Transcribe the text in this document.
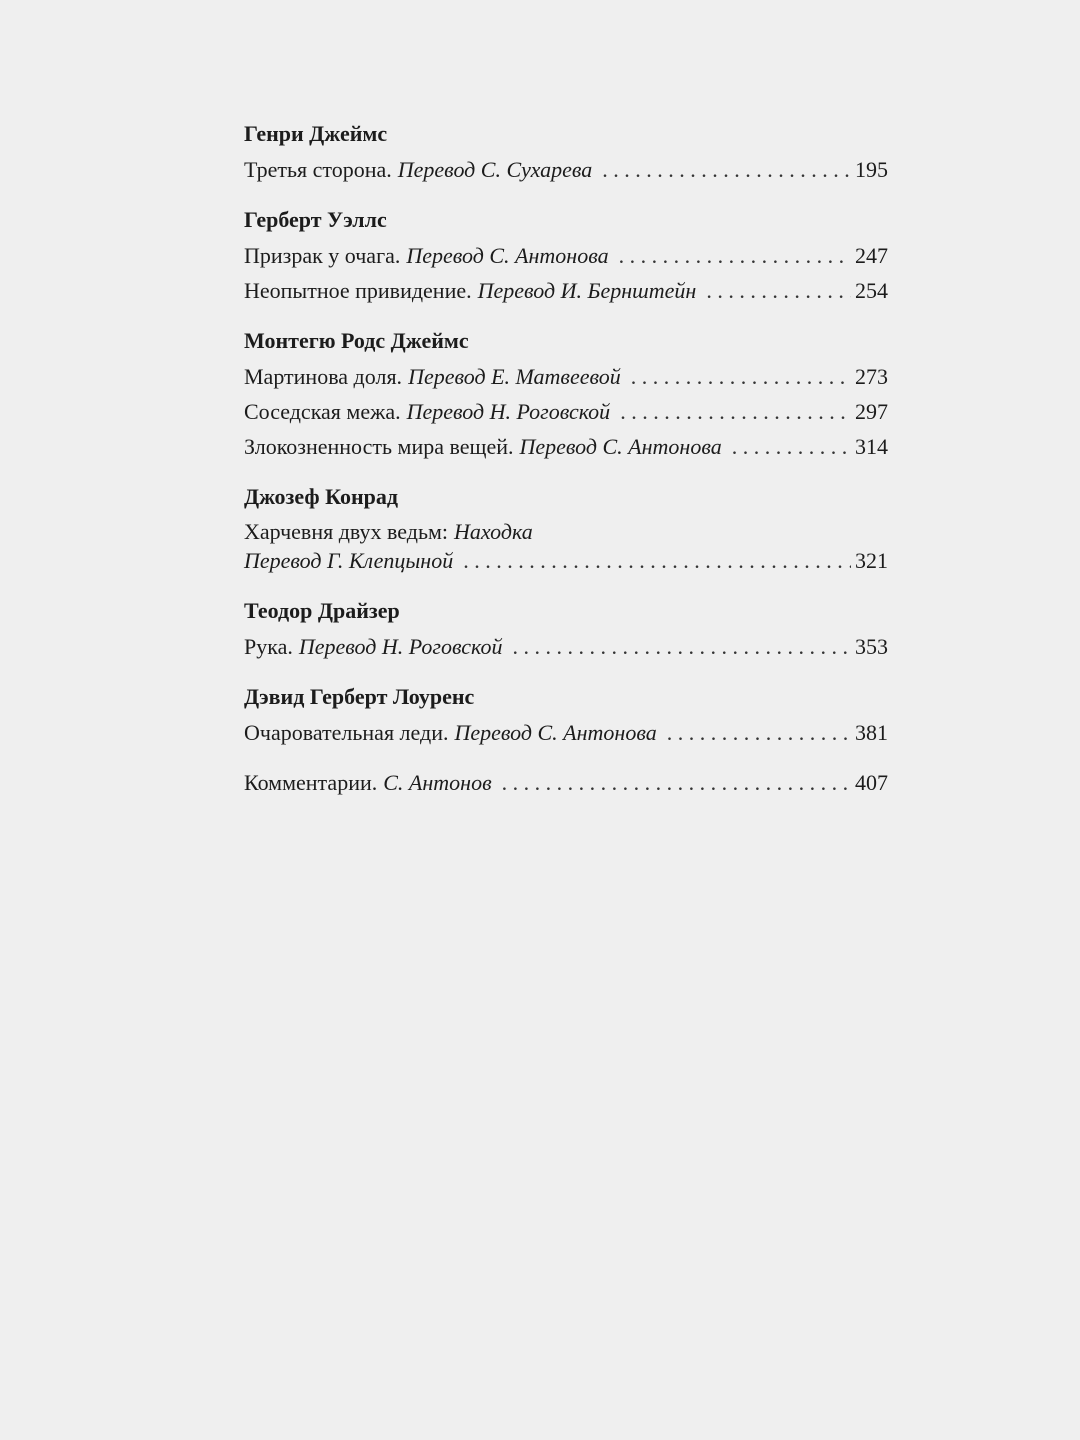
Генри Джеймс
Третья сторона. Перевод С. Сухарева . . .	195
Герберт Уэллс
Призрак у очага. Перевод С. Антонова . . .	247
Неопытное привидение. Перевод И. Бернштейн . . .	254
Монтегю Родс Джеймс
Мартинова доля. Перевод Е. Матвеевой . . .	273
Соседская межа. Перевод Н. Роговской . . .	297
Злокозненность мира вещей. Перевод С. Антонова . . .	314
Джозеф Конрад
Харчевня двух ведьм: Находка
Перевод Г. Клепцыной . . .	321
Теодор Драйзер
Рука. Перевод Н. Роговской . . .	353
Дэвид Герберт Лоуренс
Очаровательная леди. Перевод С. Антонова . . .	381
Комментарии. С. Антонов . . .	407
